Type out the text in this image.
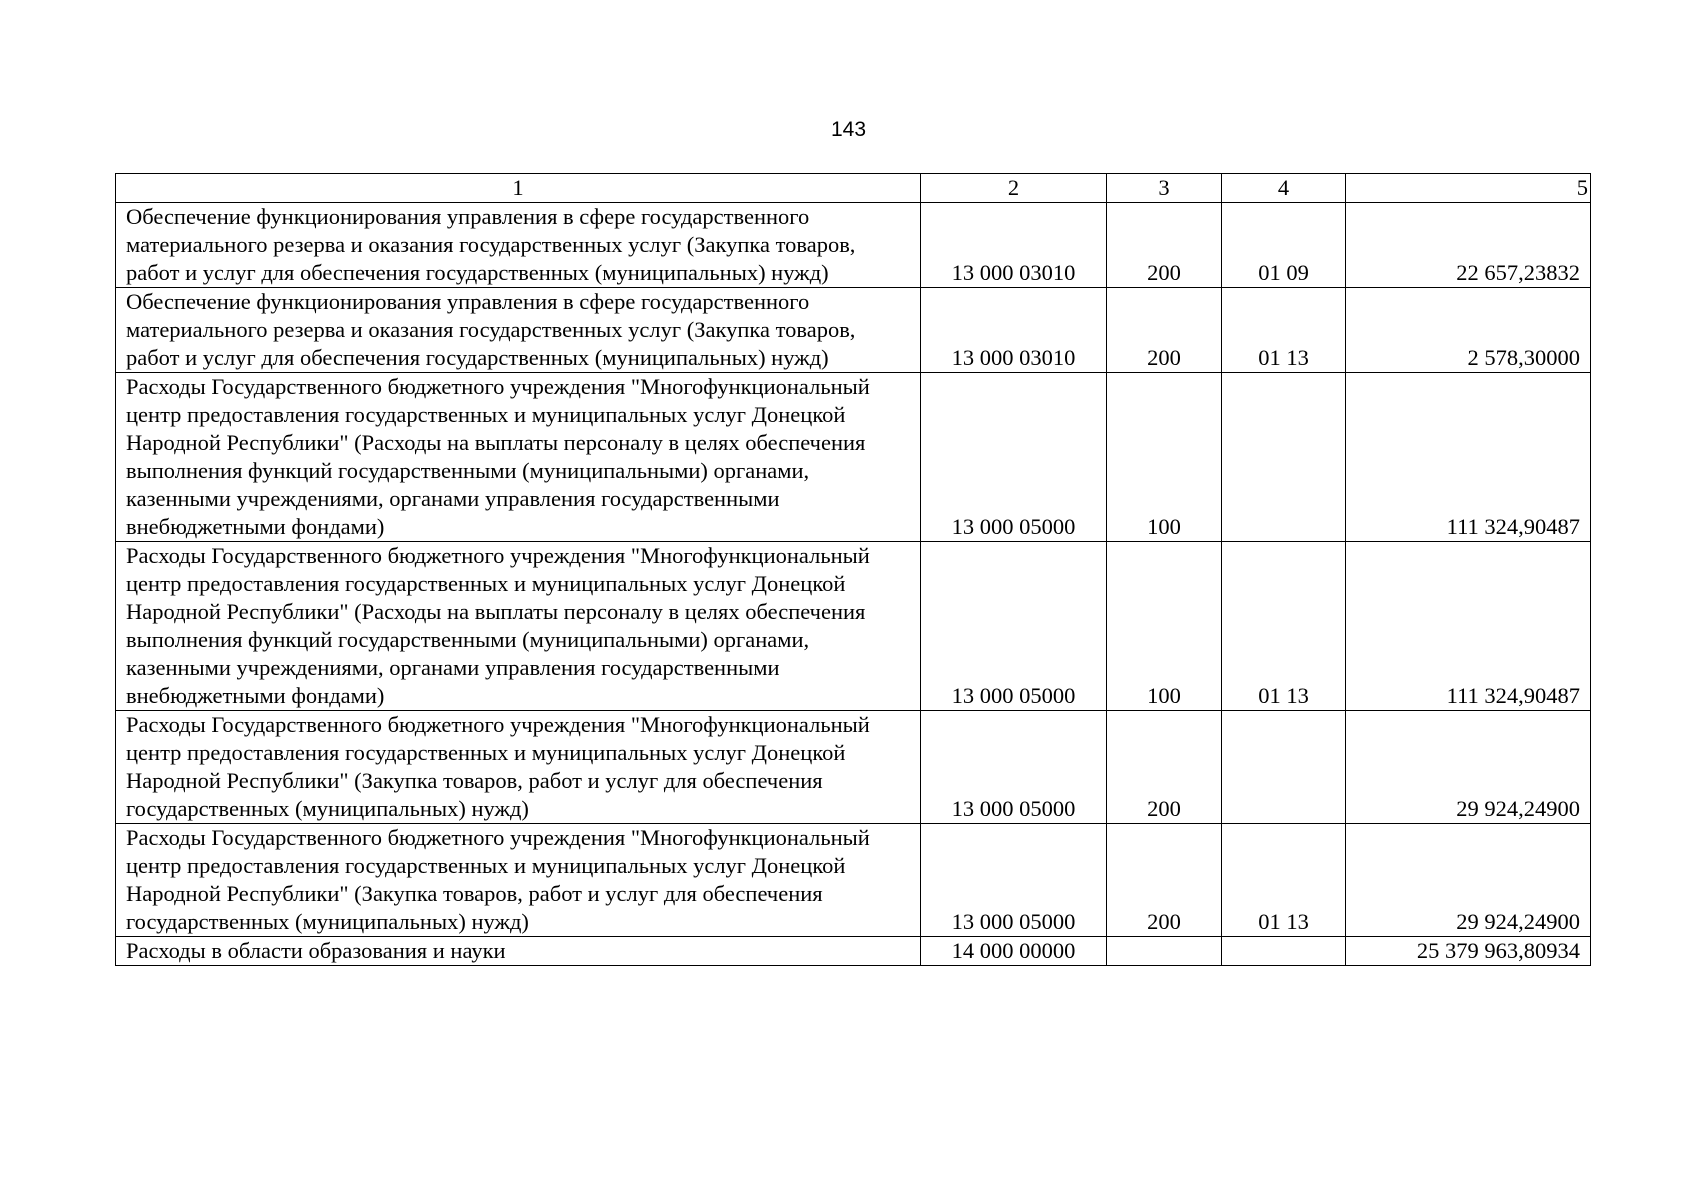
143
1	2	3	4	5
Обеспечение функционирования управления в сфере государственного материального резерва и оказания государственных услуг (Закупка товаров, работ и услуг для обеспечения государственных (муниципальных) нужд)	13 000 03010	200	01 09	22 657,23832
Обеспечение функционирования управления в сфере государственного материального резерва и оказания государственных услуг (Закупка товаров, работ и услуг для обеспечения государственных (муниципальных) нужд)	13 000 03010	200	01 13	2 578,30000
Расходы Государственного бюджетного учреждения "Многофункциональный центр предоставления государственных и муниципальных услуг Донецкой Народной Республики" (Расходы на выплаты персоналу в целях обеспечения выполнения функций государственными (муниципальными) органами, казенными учреждениями, органами управления государственными внебюджетными фондами)	13 000 05000	100		111 324,90487
Расходы Государственного бюджетного учреждения "Многофункциональный центр предоставления государственных и муниципальных услуг Донецкой Народной Республики" (Расходы на выплаты персоналу в целях обеспечения выполнения функций государственными (муниципальными) органами, казенными учреждениями, органами управления государственными внебюджетными фондами)	13 000 05000	100	01 13	111 324,90487
Расходы Государственного бюджетного учреждения "Многофункциональный центр предоставления государственных и муниципальных услуг Донецкой Народной Республики" (Закупка товаров, работ и услуг для обеспечения государственных (муниципальных) нужд)	13 000 05000	200		29 924,24900
Расходы Государственного бюджетного учреждения "Многофункциональный центр предоставления государственных и муниципальных услуг Донецкой Народной Республики" (Закупка товаров, работ и услуг для обеспечения государственных (муниципальных) нужд)	13 000 05000	200	01 13	29 924,24900
Расходы в области образования и науки	14 000 00000			25 379 963,80934
